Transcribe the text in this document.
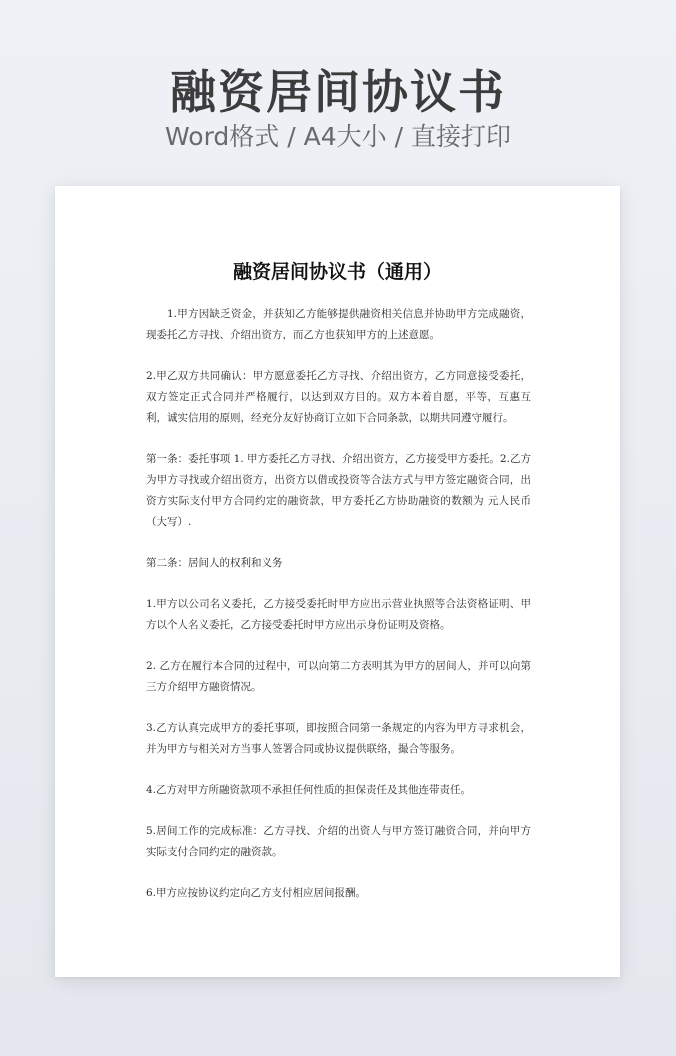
融资居间协议书
Word格式 / A4大小 / 直接打印
融资居间协议书（通用）

1.甲方因缺乏资金，并获知乙方能够提供融资相关信息并协助甲方完成融资，现委托乙方寻找、介绍出资方，而乙方也获知甲方的上述意愿。

2.甲乙双方共同确认：甲方愿意委托乙方寻找、介绍出资方，乙方同意接受委托，双方签定正式合同并严格履行，以达到双方目的。双方本着自愿，平等，互惠互利，诚实信用的原则，经充分友好协商订立如下合同条款，以期共同遵守履行。

第一条：委托事项 1. 甲方委托乙方寻找、介绍出资方，乙方接受甲方委托。2.乙方为甲方寻找或介绍出资方，出资方以借或投资等合法方式与甲方签定融资合同，出资方实际支付甲方合同约定的融资款，甲方委托乙方协助融资的数额为 元人民币（大写）.

第二条：居间人的权利和义务

1.甲方以公司名义委托，乙方接受委托时甲方应出示营业执照等合法资格证明、甲方以个人名义委托，乙方接受委托时甲方应出示身份证明及资格。

2. 乙方在履行本合同的过程中，可以向第二方表明其为甲方的居间人，并可以向第三方介绍甲方融资情况。

3.乙方认真完成甲方的委托事项，即按照合同第一条规定的内容为甲方寻求机会，并为甲方与相关对方当事人签署合同或协议提供联络，撮合等服务。

4.乙方对甲方所融资款项不承担任何性质的担保责任及其他连带责任。

5.居间工作的完成标准：乙方寻找、介绍的出资人与甲方签订融资合同，并向甲方实际支付合同约定的融资款。

6.甲方应按协议约定向乙方支付相应居间报酬。
